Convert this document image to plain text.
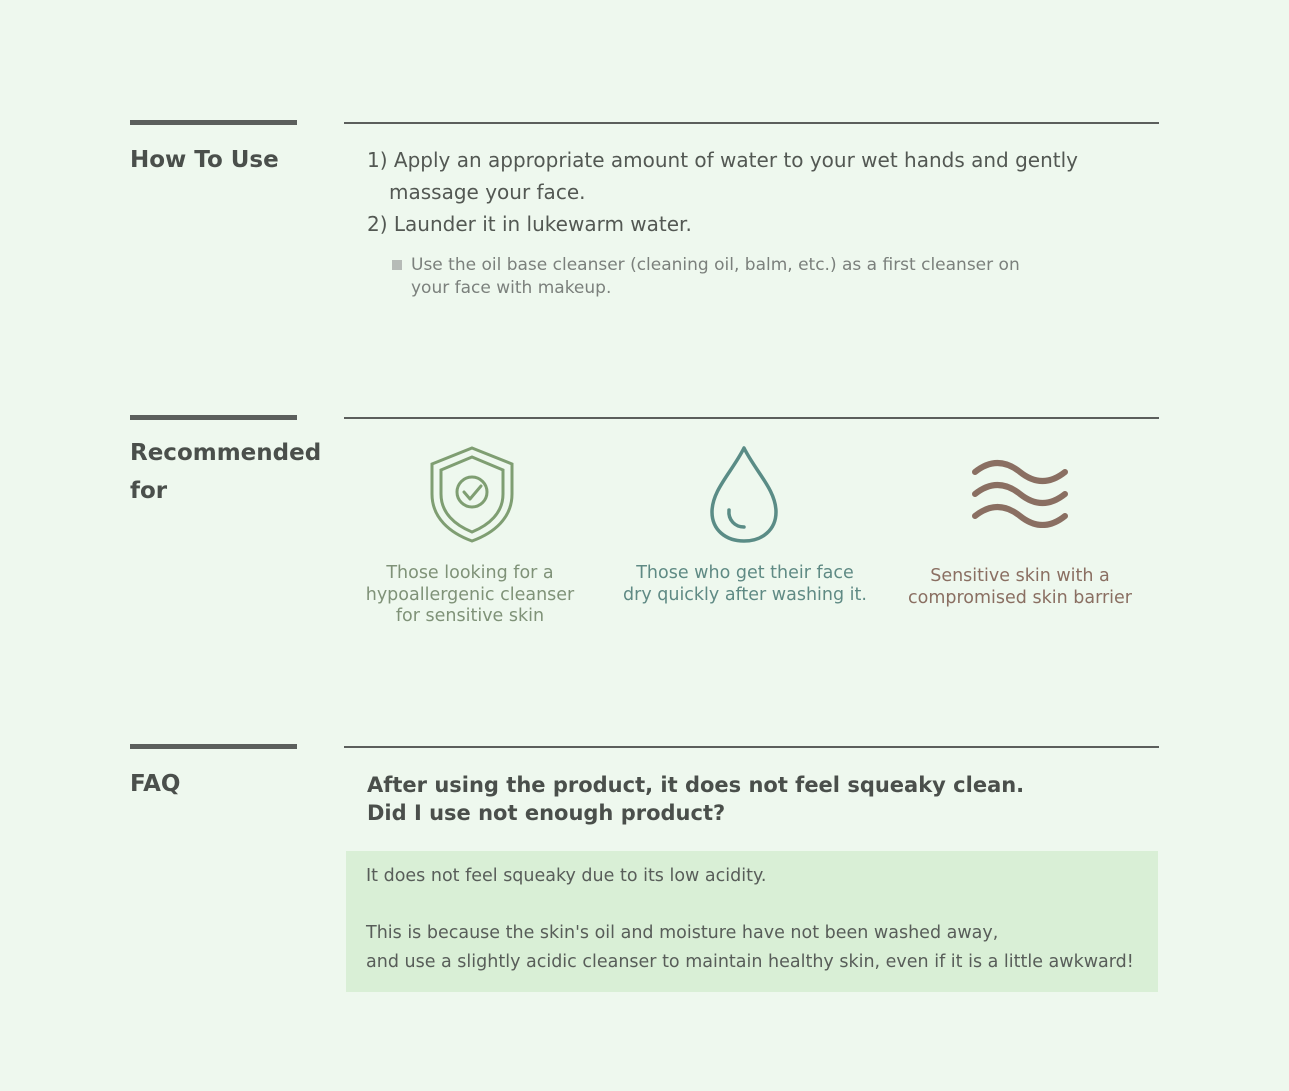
How To Use	1) Apply an appropriate amount of water to your wet hands and gently
massage your face.
2) Launder it in lukewarm water.
Use the oil base cleanser (cleaning oil, balm, etc.) as a first cleanser on
your face with makeup.
Recommended
for
Those looking for a
hypoallergenic cleanser
for sensitive skin
Those who get their face
dry quickly after washing it.
Sensitive skin with a
compromised skin barrier
FAQ	After using the product, it does not feel squeaky clean.
Did I use not enough product?

It does not feel squeaky due to its low acidity.

This is because the skin's oil and moisture have not been washed away,

and use a slightly acidic cleanser to maintain healthy skin, even if it is a little awkward!
